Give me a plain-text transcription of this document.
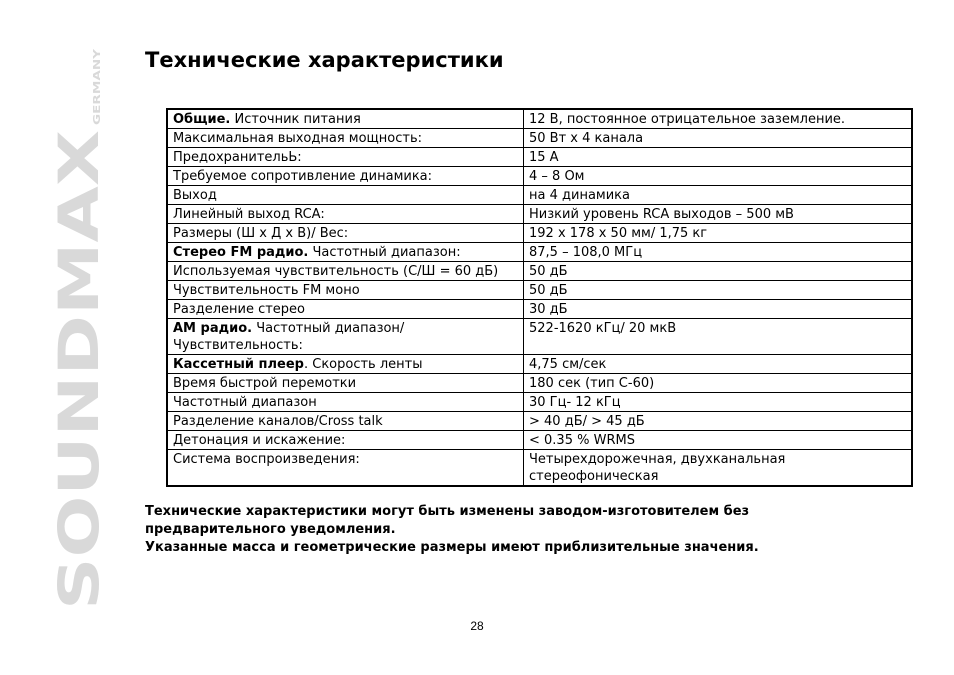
SOUNDMAX
GERMANY
Технические характеристики
Общие. Источник питания	12 В, постоянное отрицательное заземление.
Максимальная выходная мощность:	50 Вт х 4 канала
ПредохранительЬ:	15 А
Требуемое сопротивление динамика:	4 – 8 Ом
Выход	на 4 динамика
Линейный выход RCA:	Низкий уровень RCA выходов – 500 мВ
Размеры (Ш х Д х В)/ Вес:	192 х 178 х 50 мм/ 1,75 кг
Стерео FM радио. Частотный диапазон:	87,5 – 108,0 МГц
Используемая чувствительность (С/Ш = 60 дБ)	50 дБ
Чувствительность FM моно	50 дБ
Разделение стерео	30 дБ
АМ радио. Частотный диапазон/Чувствительность:	522-1620 кГц/ 20 мкВ
Кассетный плеер. Скорость ленты	4,75 см/сек
Время быстрой перемотки	180 сек (тип С-60)
Частотный диапазон	30 Гц- 12 кГц
Разделение каналов/Cross talk	> 40 дБ/ > 45 дБ
Детонация и искажение:	< 0.35 % WRMS
Система воспроизведения:	Четырехдорожечная, двухканальная стереофоническая

Технические характеристики могут быть изменены заводом-изготовителем без предварительного уведомления.

Указанные масса и геометрические размеры имеют приблизительные значения.

28
